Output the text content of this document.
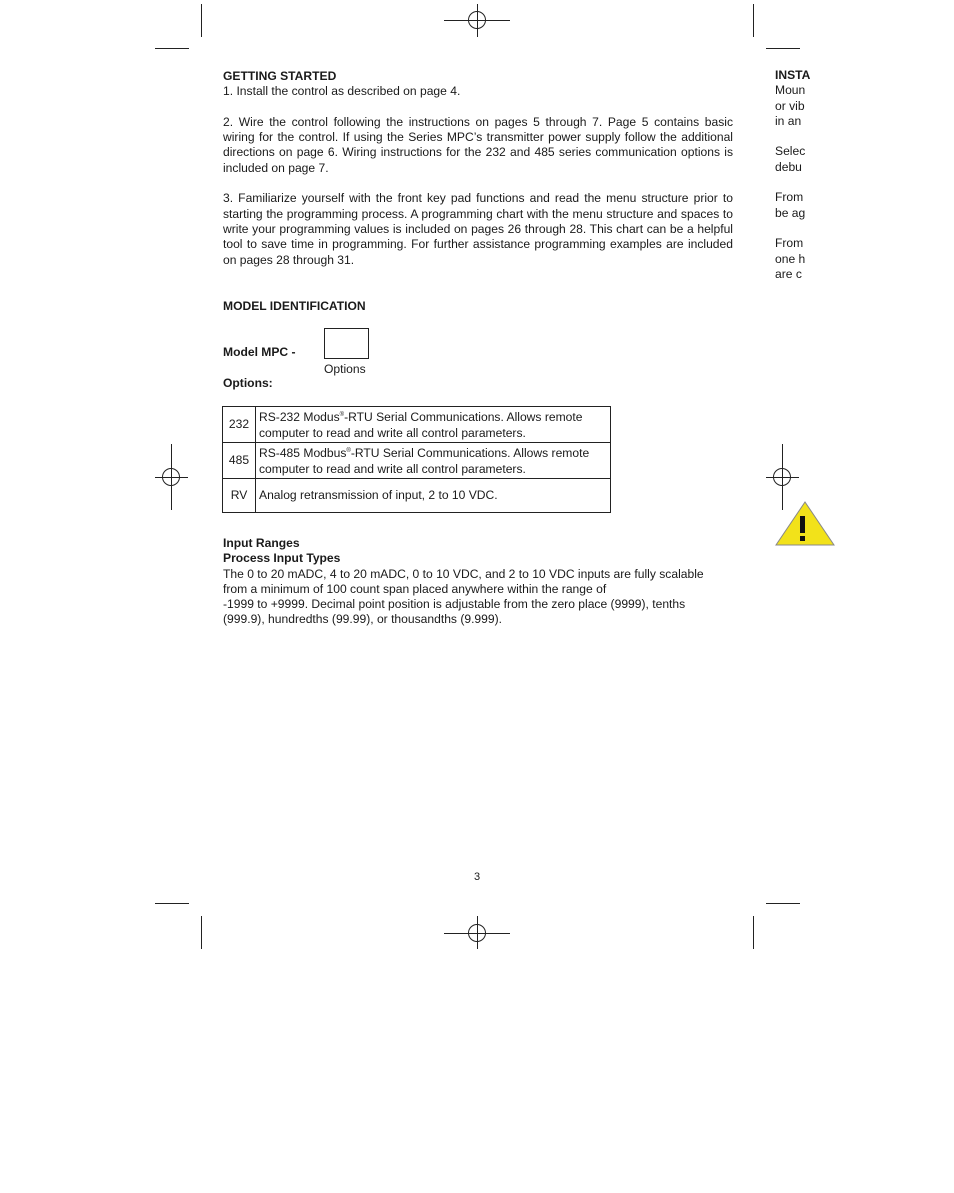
GETTING STARTED

1. Install the control as described on page 4.

2. Wire the control following the instructions on pages 5 through 7. Page 5 contains basic wiring for the control. If using the Series MPC’s transmitter power supply follow the additional directions on page 6. Wiring instructions for the 232 and 485 series communication options is included on page 7.

3. Familiarize yourself with the front key pad functions and read the menu structure prior to starting the programming process. A programming chart with the menu structure and spaces to write your programming values is included on pages 26 through 28. This chart can be a helpful tool to save time in programming. For further assistance programming examples are included on pages 28 through 31.

MODEL IDENTIFICATION
Model MPC -
Options
Options:
232	RS-232 Modus®-RTU Serial Communications. Allows remote computer to read and write all control parameters.
485	RS-485 Modbus®-RTU Serial Communications. Allows remote computer to read and write all control parameters.
RV	Analog retransmission of input, 2 to 10 VDC.

Input Ranges

Process Input Types

The 0 to 20 mADC, 4 to 20 mADC, 0 to 10 VDC, and 2 to 10 VDC inputs are fully scalable

from a minimum of 100 count span placed anywhere within the range of

-1999 to +9999. Decimal point position is adjustable from the zero place (9999), tenths

(999.9), hundredths (99.99), or thousandths (9.999).

INSTA
Moun
or vib
in an
Selec
debu
From
be ag
From
one h
are c
3
